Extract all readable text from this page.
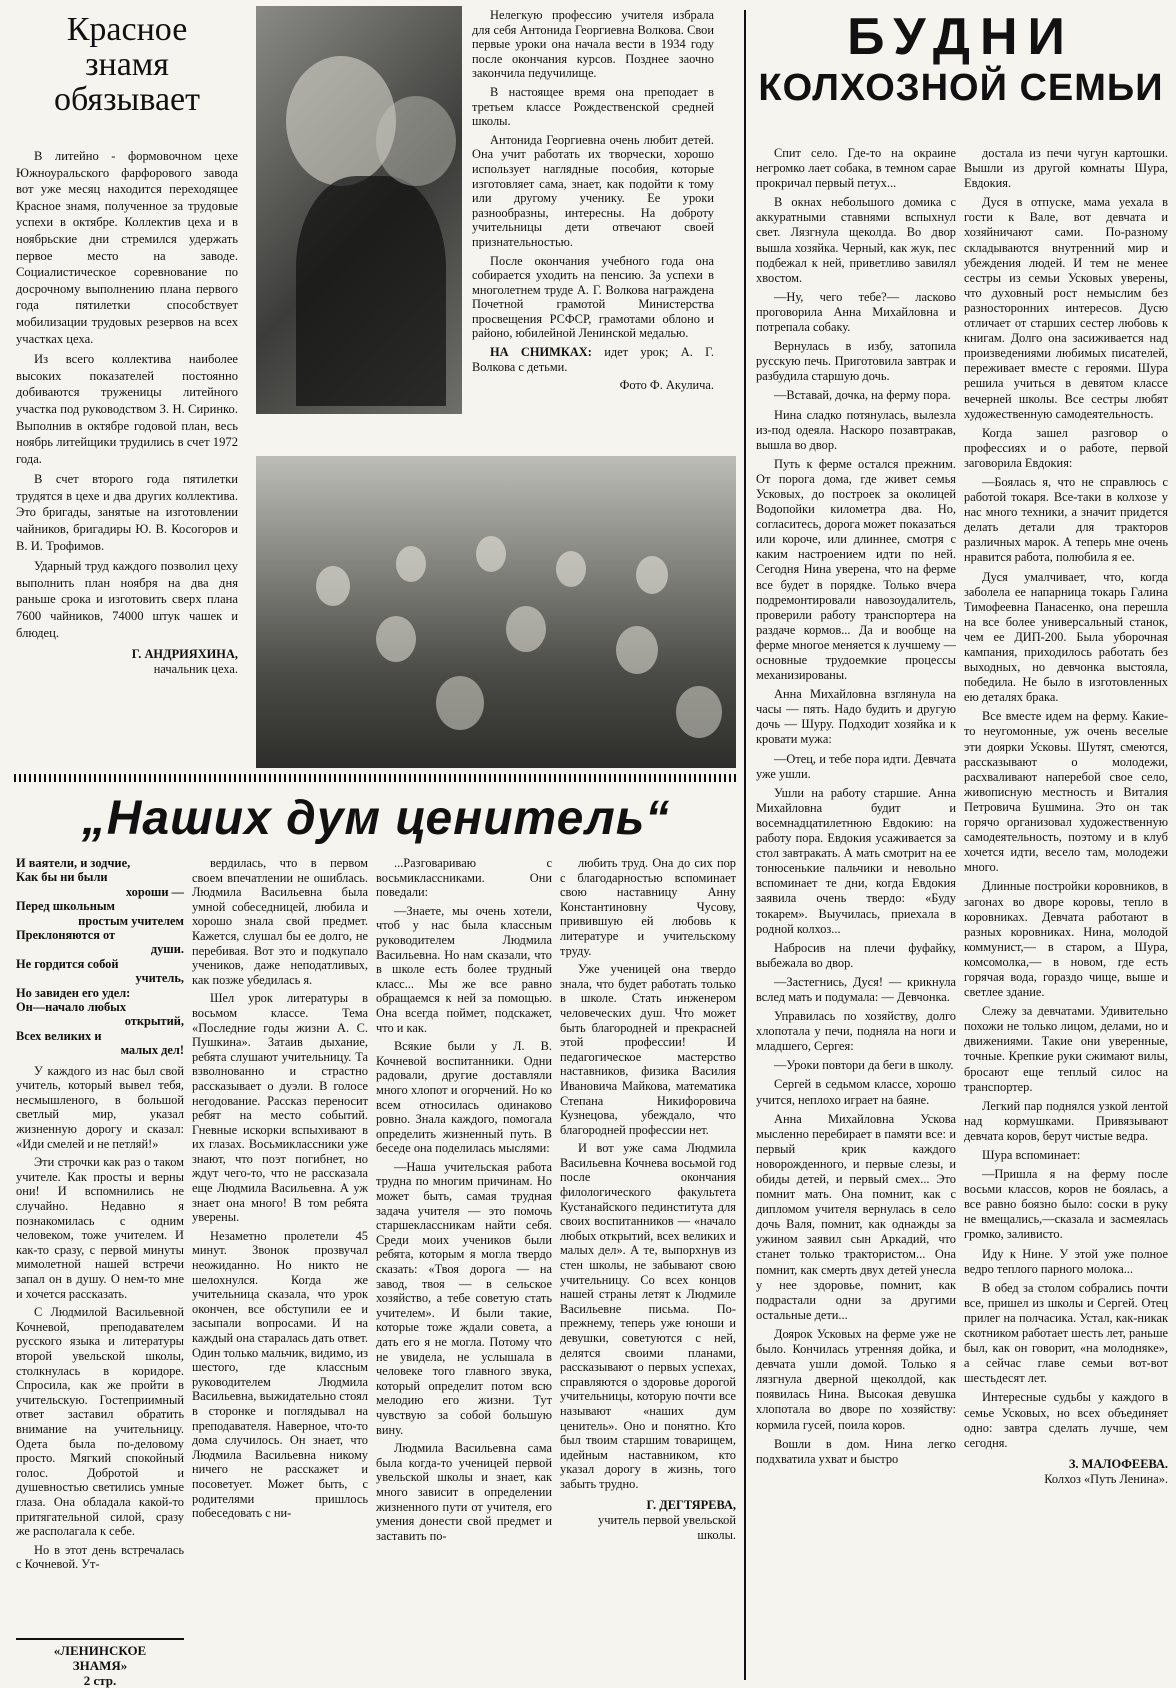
Красное
знамя
обязывает

В литейно - формовочном цехе Южноуральского фарфорового завода вот уже месяц находится переходящее Красное знамя, полученное за трудовые успехи в октябре. Коллектив цеха и в ноябрьские дни стремился удержать первое место на заводе. Социалистическое соревнование по досрочному выполнению плана первого года пятилетки способствует мобилизации трудовых резервов на всех участках цеха.

Из всего коллектива наиболее высоких показателей постоянно добиваются труженицы литейного участка под руководством З. Н. Сиринко. Выполнив в октябре годовой план, весь ноябрь литейщики трудились в счет 1972 года.

В счет второго года пятилетки трудятся в цехе и два других коллектива. Это бригады, занятые на изготовлении чайников, бригадиры Ю. В. Косогоров и В. И. Трофимов.

Ударный труд каждого позволил цеху выполнить план ноября на два дня раньше срока и изготовить сверх плана 7600 чайников, 74000 штук чашек и блюдец.

Г. АНДРИЯХИНА,
начальник цеха.

Нелегкую профессию учителя избрала для себя Антонида Георгиевна Волкова. Свои первые уроки она начала вести в 1934 году после окончания курсов. Позднее заочно закончила педучилище.

В настоящее время она преподает в третьем классе Рождественской средней школы.

Антонида Георгиевна очень любит детей. Она учит работать их творчески, хорошо использует наглядные пособия, которые изготовляет сама, знает, как подойти к тому или другому ученику. Ее уроки разнообразны, интересны. На доброту учительницы дети отвечают своей признательностью.

После окончания учебного года она собирается уходить на пенсию. За успехи в многолетнем труде А. Г. Волкова награждена Почетной грамотой Министерства просвещения РСФСР, грамотами облоно и районо, юбилейной Ленинской медалью.

НА СНИМКАХ: идет урок; А. Г. Волкова с детьми.

Фото Ф. Акулича.
БУДНИ
КОЛХОЗНОЙ СЕМЬИ

Спит село. Где-то на окраине негромко лает собака, в темном сарае прокричал первый петух...

В окнах небольшого домика с аккуратными ставнями вспыхнул свет. Лязгнула щеколда. Во двор вышла хозяйка. Черный, как жук, пес подбежал к ней, приветливо завилял хвостом.

—Ну, чего тебе?— ласково проговорила Анна Михайловна и потрепала собаку.

Вернулась в избу, затопила русскую печь. Приготовила завтрак и разбудила старшую дочь.

—Вставай, дочка, на ферму пора.

Нина сладко потянулась, вылезла из-под одеяла. Наскоро позавтракав, вышла во двор.

Путь к ферме остался прежним. От порога дома, где живет семья Усковых, до построек за околицей Водопойки километра два. Но, согласитесь, дорога может показаться или короче, или длиннее, смотря с каким настроением идти по ней. Сегодня Нина уверена, что на ферме все будет в порядке. Только вчера подремонтировали навозоудалитель, проверили работу транспортера на раздаче кормов... Да и вообще на ферме многое меняется к лучшему — основные трудоемкие процессы механизированы.

Анна Михайловна взглянула на часы — пять. Надо будить и другую дочь — Шуру. Подходит хозяйка и к кровати мужа:

—Отец, и тебе пора идти. Девчата уже ушли.

Ушли на работу старшие. Анна Михайловна будит и восемнадцатилетнюю Евдокию: на работу пора. Евдокия усаживается за стол завтракать. А мать смотрит на ее тонюсенькие пальчики и невольно вспоминает те дни, когда Евдокия заявила очень твердо: «Буду токарем». Выучилась, приехала в родной колхоз...

Набросив на плечи фуфайку, выбежала во двор.

—Застегнись, Дуся! — крикнула вслед мать и подумала: — Девчонка.

Управилась по хозяйству, долго хлопотала у печи, подняла на ноги и младшего, Сергея:

—Уроки повтори да беги в школу.

Сергей в седьмом классе, хорошо учится, неплохо играет на баяне.

Анна Михайловна Ускова мысленно перебирает в памяти все: и первый крик каждого новорожденного, и первые слезы, и обиды детей, и первый смех... Это помнит мать. Она помнит, как с дипломом учителя вернулась в село дочь Валя, помнит, как однажды за ужином заявил сын Аркадий, что станет только трактористом... Она помнит, как смерть двух детей унесла у нее здоровье, помнит, как подрастали одни за другими остальные дети...

Доярок Усковых на ферме уже не было. Кончилась утренняя дойка, и девчата ушли домой. Только я лязгнула дверной щеколдой, как появилась Нина. Высокая девушка хлопотала во дворе по хозяйству: кормила гусей, поила коров.

Вошли в дом. Нина легко подхватила ухват и быстро

достала из печи чугун картошки. Вышли из другой комнаты Шура, Евдокия.

Дуся в отпуске, мама уехала в гости к Вале, вот девчата и хозяйничают сами. По-разному складываются внутренний мир и убеждения людей. И тем не менее сестры из семьи Усковых уверены, что духовный рост немыслим без разносторонних интересов. Дусю отличает от старших сестер любовь к книгам. Долго она засиживается над произведениями любимых писателей, переживает вместе с героями. Шура решила учиться в девятом классе вечерней школы. Все сестры любят художественную самодеятельность.

Когда зашел разговор о профессиях и о работе, первой заговорила Евдокия:

—Боялась я, что не справлюсь с работой токаря. Все-таки в колхозе у нас много техники, а значит придется делать детали для тракторов различных марок. А теперь мне очень нравится работа, полюбила я ее.

Дуся умалчивает, что, когда заболела ее напарница токарь Галина Тимофеевна Панасенко, она перешла на все более универсальный станок, чем ее ДИП-200. Была уборочная кампания, приходилось работать без выходных, но девчонка выстояла, победила. Не было в изготовленных ею деталях брака.

Все вместе идем на ферму. Какие-то неугомонные, уж очень веселые эти доярки Усковы. Шутят, смеются, рассказывают о молодежи, расхваливают наперебой свое село, живописную местность и Виталия Петровича Бушмина. Это он так горячо организовал художественную самодеятельность, поэтому и в клуб хочется идти, весело там, молодежи много.

Длинные постройки коровников, в загонах во дворе коровы, тепло в коровниках. Девчата работают в разных коровниках. Нина, молодой коммунист,— в старом, а Шура, комсомолка,— в новом, где есть горячая вода, гораздо чище, выше и светлее здание.

Слежу за девчатами. Удивительно похожи не только лицом, делами, но и движениями. Такие они уверенные, точные. Крепкие руки сжимают вилы, бросают еще теплый силос на транспортер.

Легкий пар поднялся узкой лентой над кормушками. Привязывают девчата коров, берут чистые ведра.

Шура вспоминает:

—Пришла я на ферму после восьми классов, коров не боялась, а все равно боязно было: соски в руку не вмещались,—сказала и засмеялась громко, заливисто.

Иду к Нине. У этой уже полное ведро теплого парного молока...

В обед за столом собрались почти все, пришел из школы и Сергей. Отец прилег на полчасика. Устал, как-никак скотником работает шесть лет, раньше был, как он говорит, «на молодняке», а сейчас главе семьи вот-вот шестьдесят лет.

Интересные судьбы у каждого в семье Усковых, но всех объединяет одно: завтра сделать лучше, чем сегодня.

З. МАЛОФЕЕВА.
Колхоз «Путь Ленина».
„Наших дум ценитель“
И ваятели, и зодчие,
Как бы ни были
хороши —
Перед школьным
простым учителем
Преклоняются от
души.
Не гордится собой
учитель,
Но завиден его удел:
Он—начало любых
открытий,
Всех великих и
малых дел!

У каждого из нас был свой учитель, который вывел тебя, несмышленого, в большой светлый мир, указал жизненную дорогу и сказал: «Иди смелей и не петляй!»

Эти строчки как раз о таком учителе. Как просты и верны они! И вспомнились не случайно. Недавно я познакомилась с одним человеком, тоже учителем. И как-то сразу, с первой минуты мимолетной нашей встречи запал он в душу. О нем-то мне и хочется рассказать.

С Людмилой Васильевной Кочневой, преподавателем русского языка и литературы второй увельской школы, столкнулась в коридоре. Спросила, как же пройти в учительскую. Гостеприимный ответ заставил обратить внимание на учительницу. Одета была по-деловому просто. Мягкий спокойный голос. Добротой и душевностью светились умные глаза. Она обладала какой-то притягательной силой, сразу же располагала к себе.

Но в этот день встречалась с Кочневой. Ут-

вердилась, что в первом своем впечатлении не ошиблась. Людмила Васильевна была умной собеседницей, любила и хорошо знала свой предмет. Кажется, слушал бы ее долго, не перебивая. Вот это и подкупало учеников, даже неподатливых, как позже убедилась я.

Шел урок литературы в восьмом классе. Тема «Последние годы жизни А. С. Пушкина». Затаив дыхание, ребята слушают учительницу. Та взволнованно и страстно рассказывает о дуэли. В голосе негодование. Рассказ переносит ребят на место событий. Гневные искорки вспыхивают в их глазах. Восьмиклассники уже знают, что поэт погибнет, но ждут чего-то, что не рассказала еще Людмила Васильевна. А уж знает она много! В том ребята уверены.

Незаметно пролетели 45 минут. Звонок прозвучал неожиданно. Но никто не шелохнулся. Когда же учительница сказала, что урок окончен, все обступили ее и засыпали вопросами. И на каждый она старалась дать ответ. Один только мальчик, видимо, из шестого, где классным руководителем Людмила Васильевна, выжидательно стоял в сторонке и поглядывал на преподавателя. Наверное, что-то дома случилось. Он знает, что Людмила Васильевна никому ничего не расскажет и посоветует. Может быть, с родителями пришлось побеседовать с ни-

...Разговариваю с восьмиклассниками. Они поведали:

—Знаете, мы очень хотели, чтоб у нас была классным руководителем Людмила Васильевна. Но нам сказали, что в школе есть более трудный класс... Мы же все равно обращаемся к ней за помощью. Она всегда поймет, подскажет, что и как.

Всякие были у Л. В. Кочневой воспитанники. Одни радовали, другие доставляли много хлопот и огорчений. Но ко всем относилась одинаково ровно. Знала каждого, помогала определить жизненный путь. В беседе она поделилась мыслями:

—Наша учительская работа трудна по многим причинам. Но может быть, самая трудная задача учителя — это помочь старшеклассникам найти себя. Среди моих учеников были ребята, которым я могла твердо сказать: «Твоя дорога — на завод, твоя — в сельское хозяйство, а тебе советую стать учителем». И были такие, которые тоже ждали совета, а дать его я не могла. Потому что не увидела, не услышала в человеке того главного звука, который определит потом всю мелодию его жизни. Тут чувствую за собой большую вину.

Людмила Васильевна сама была когда-то ученицей первой увельской школы и знает, как много зависит в определении жизненного пути от учителя, его умения донести свой предмет и заставить по-

любить труд. Она до сих пор с благодарностью вспоминает свою наставницу Анну Константиновну Чусову, привившую ей любовь к литературе и учительскому труду.

Уже ученицей она твердо знала, что будет работать только в школе. Стать инженером человеческих душ. Что может быть благородней и прекрасней этой профессии! И педагогическое мастерство наставников, физика Василия Ивановича Майкова, математика Степана Никифоровича Кузнецова, убеждало, что благородней профессии нет.

И вот уже сама Людмила Васильевна Кочнева восьмой год после окончания филологического факультета Кустанайского пединститута для своих воспитанников — «начало любых открытий, всех великих и малых дел». А те, выпорхнув из стен школы, не забывают свою учительницу. Со всех концов нашей страны летят к Людмиле Васильевне письма. По-прежнему, теперь уже юноши и девушки, советуются с ней, делятся своими планами, рассказывают о первых успехах, справляются о здоровье дорогой учительницы, которую почти все называют «наших дум ценитель». Оно и понятно. Кто был твоим старшим товарищем, идейным наставником, кто указал дорогу в жизнь, того забыть трудно.

Г. ДЕГТЯРЕВА,
учитель первой увельской школы.
«ЛЕНИНСКОЕ
ЗНАМЯ»
2 стр.
